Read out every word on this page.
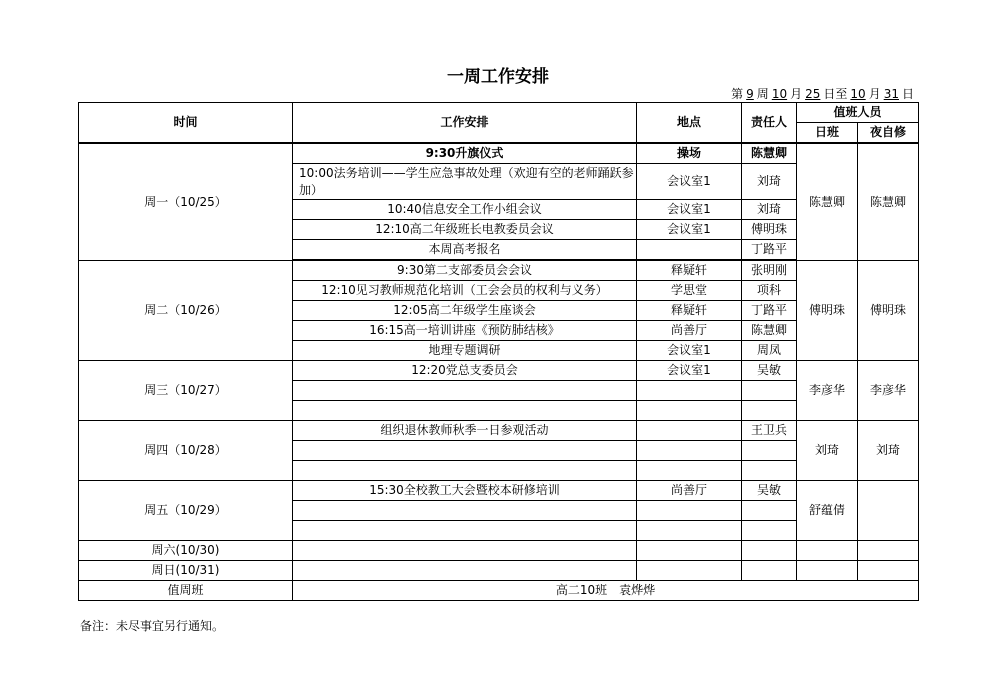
一周工作安排
第 9 周 10 月 25 日至 10 月 31 日
时间	工作安排	地点	责任人	值班人员	
				日班	夜自修
周一（10/25）	9:30升旗仪式	操场	陈慧卿	陈慧卿	陈慧卿
	10:00法务培训——学生应急事故处理（欢迎有空的老师踊跃参加）	会议室1	刘琦		
	10:40信息安全工作小组会议	会议室1	刘琦		
	12:10高二年级班长电教委员会议	会议室1	傅明珠		
	本周高考报名		丁路平		

周二（10/26）	9:30第二支部委员会会议	释疑轩	张明刚	傅明珠	傅明珠
	12:10见习教师规范化培训（工会会员的权利与义务）	学思堂	项科		
	12:05高二年级学生座谈会	释疑轩	丁路平		
	16:15高一培训讲座《预防肺结核》	尚善厅	陈慧卿		
	地理专题调研	会议室1	周凤		
周三（10/27）	12:20党总支委员会	会议室1	吴敏	李彦华	李彦华

周四（10/28）	组织退休教师秋季一日参观活动		王卫兵	刘琦	刘琦

周五（10/29）	15:30全校教工大会暨校本研修培训	尚善厅	吴敏	舒蕴倩	

周六(10/30)					
周日(10/31)					
值周班	高二10班　袁烨烨				
备注：未尽事宜另行通知。
